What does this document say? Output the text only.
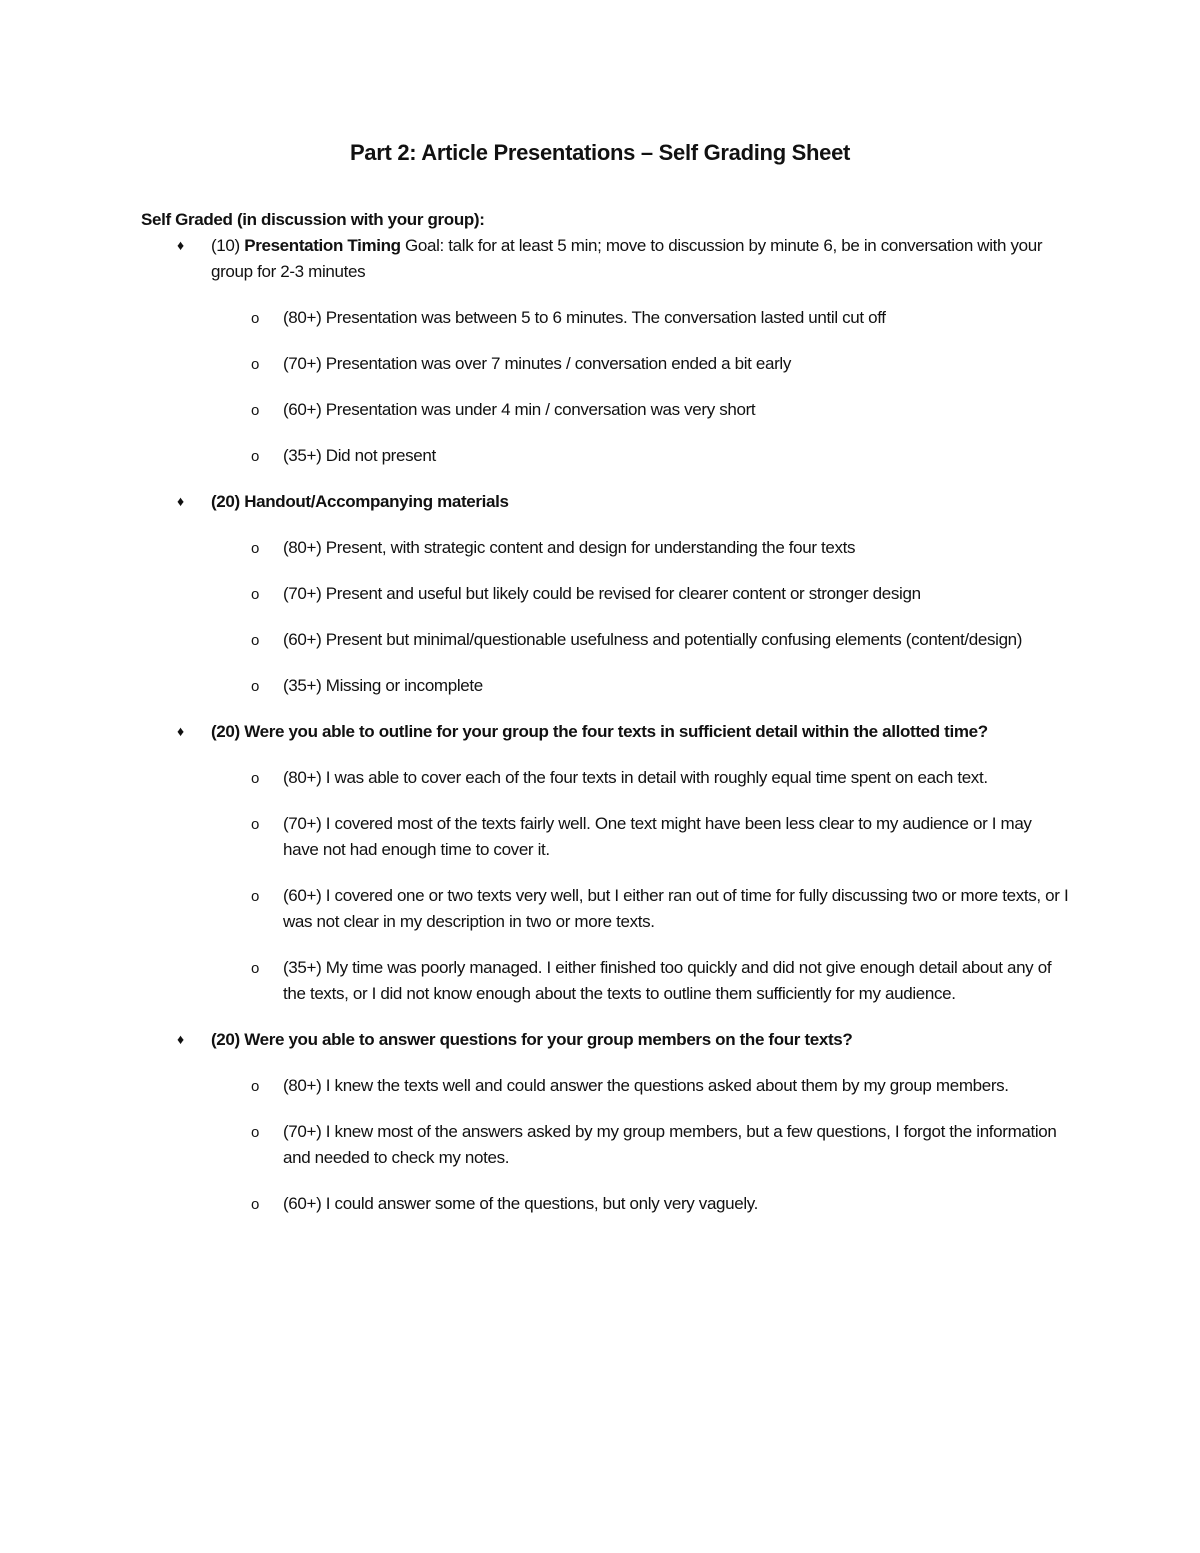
Part 2: Article Presentations – Self Grading Sheet
Self Graded (in discussion with your group):
♦ (10) Presentation Timing Goal: talk for at least 5 min; move to discussion by minute 6, be in conversation with your group for 2-3 minutes
o (80+) Presentation was between 5 to 6 minutes. The conversation lasted until cut off
o (70+) Presentation was over 7 minutes / conversation ended a bit early
o (60+) Presentation was under 4 min / conversation was very short
o (35+) Did not present
♦ (20) Handout/Accompanying materials
o (80+) Present, with strategic content and design for understanding the four texts
o (70+) Present and useful but likely could be revised for clearer content or stronger design
o (60+) Present but minimal/questionable usefulness and potentially confusing elements (content/design)
o (35+) Missing or incomplete
♦ (20) Were you able to outline for your group the four texts in sufficient detail within the allotted time?
o (80+) I was able to cover each of the four texts in detail with roughly equal time spent on each text.
o (70+) I covered most of the texts fairly well. One text might have been less clear to my audience or I may have not had enough time to cover it.
o (60+) I covered one or two texts very well, but I either ran out of time for fully discussing two or more texts, or I was not clear in my description in two or more texts.
o (35+) My time was poorly managed. I either finished too quickly and did not give enough detail about any of the texts, or I did not know enough about the texts to outline them sufficiently for my audience.
♦ (20) Were you able to answer questions for your group members on the four texts?
o (80+) I knew the texts well and could answer the questions asked about them by my group members.
o (70+) I knew most of the answers asked by my group members, but a few questions, I forgot the information and needed to check my notes.
o (60+) I could answer some of the questions, but only very vaguely.
